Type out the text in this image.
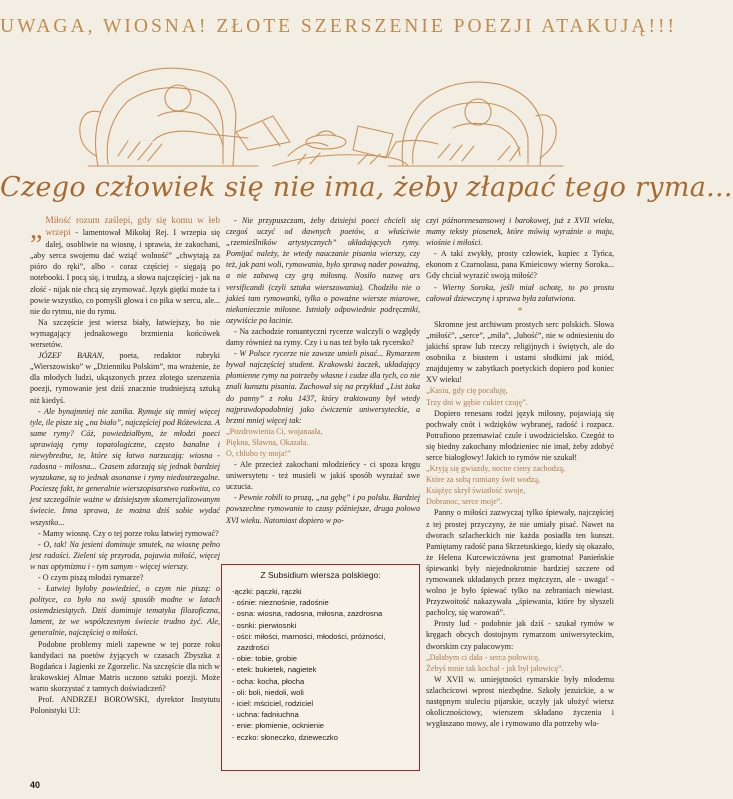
UWAGA, WIOSNA! ZŁOTE SZERSZENIE POEZJI ATAKUJĄ!!!
Czego człowiek się nie ima, żeby złapać tego ryma...

„ Miłość rozum zaślepi, gdy się komu w łeb wrzepi - lamentował Mikołaj Rej. I wrzepia się dalej, osobliwie na wiosnę, i sprawia, że zakochani, „aby serca swojemu dać wziąć wolność” „chwytają za pióro do ręki”, albo - coraz częściej - sięgają po notebooki. I pocą się, i trudzą, a słowa najczęściej - jak na złość - nijak nie chcą się zrymować. Język giętki może ta i powie wszystko, co pomyśli głowa i co pika w sercu, ale... nie do rytmu, nie do rymu.

Na szczęście jest wiersz biały, łatwiejszy, bo nie wymagający jednakowego brzmienia końcówek wersetów.

JÓZEF BARAN, poeta, redaktor rubryki „Wierszowisko” w „Dzienniku Polskim”, ma wrażenie, że dla młodych ludzi, ukąszonych przez złotego szerszenia poezji, rymowanie jest dziś znacznie trudniejszą sztuką niż kiedyś.

- Ale bynajmniej nie zanika. Rymuje się mniej więcej tyle, ile pisze się „na biało”, najczęściej pod Różewicza. A same rymy? Cóż, powiedziałbym, że młodzi poeci uprawiają rymy topatologiczne, często banalne i niewybredne, te, które się łatwo narzucają: wiosna - radosna - miłosna... Czasem zdarzają się jednak bardziej wyszukane, są to jednak asonanse i rymy niedostrzegalne. Pocieszę fakt, że generalnie wierszopisarstwo rozkwita, co jest szczególnie ważne w dzisiejszym skomercjalizowanym świecie. Inna sprawa, że można dziś sobie wydać wszystko...

- Mamy wiosnę. Czy o tej porze roku łatwiej rymować?

- O, tak! Na jesieni dominuje smutek, na wiosnę pełno jest radości. Zieleni się przyroda, pojawia miłość, więcej w nas optymizmu i - tym samym - więcej wierszy.

- O czym piszą młodzi rymarze?

- Łatwiej byłoby powiedzieć, o czym nie piszą: o polityce, co było na swój sposób modne w latach osiemdziesiątych. Dziś dominuje tematyka filozoficzna, lament, że we współczesnym świecie trudno żyć. Ale, generalnie, najczęściej o miłości.

Podobne problemy mieli zapewne w tej porze roku kandydaci na poetów żyjących w czasach Zbyszka z Bogdańca i Jagienki ze Zgorzelic. Na szczęście dla nich w krakowskiej Almae Matris uczono sztuki poezji. Może warto skorzystać z tamtych doświadczeń?

Prof. ANDRZEJ BOROWSKI, dyrektor Instytutu Polonistyki UJ:

- Nie przypuszczam, żeby dzisiejsi poeci chcieli się czegoś uczyć od dawnych poetów, a właściwie „rzemieślników artystycznych” układających rymy. Pomijać należy, że wtedy nauczanie pisania wierszy, czy też, jak pani woli, rymowania, było sprawą nader poważną, a nie zabawą czy grą miłosną. Nosiło nazwę ars versificandi (czyli sztuka wierszowania). Chodziło nie o jakieś tam rymowanki, tylko o poważne wiersze miarowe, niekoniecznie miłosne. Istniały odpowiednie podręczniki, ozywiście po łacinie.

- Na zachodzie romantyczni rycerze walczyli o względy damy również na rymy. Czy i u nas też było tak rycersko?

- W Polsce rycerze nie zawsze umieli pisać... Rymarzem bywał najczęściej student. Krakowski żaczek, układający płomienne rymy na potrzeby własne i cudze dla tych, co nie znali kunsztu pisania. Zachował się na przykład „List żaka do panny” z roku 1437, który traktowany był wtedy najprawdopodobniej jako ćwiczenie uniwersyteckie, a brzmi mniej więcej tak:

„Pozdrowienia Ci, wojanaała,

Piękna, Sławna, Okazała.

O, chlubo ty moja!”

- Ale przecież zakochani młodzieńcy - ci spoza kręgu uniwersytetu - też musieli w jakiś sposób wyrażać swe uczucia.

- Pewnie robili to prozą, „na gębę” i po polsku. Bardziej powszechne rymowanie to czasy późniejsze, druga połowa XVI wieku. Natomiast dopiero w po-

Z Subsidium wiersza polskiego:
-ączki: pączki, rączki
- ośnie: nieznośnie, radośnie
- osna: wiosna, radosna, miłosna, zazdrosna
- osnki: pierwiosnki
- ości: miłości, marności, młodości, próżności, zazdrości
- obie: tobie, grobie
- etek: bukietek, nagietek
- ocha: kocha, płocha
- oli: boli, niedoli, woli
- iciel: mściciel, rodziciel
- uchna: fadniuchna
- enie: płomienie, ocknienie
- eczko: słoneczko, dzieweczko

czyi późnorenesansowej i barokowej, już z XVII wieku, mamy teksty piosenek, które mówią wyraźnie o maju, wiośnie i miłości.

- A taki zwykły, prosty człowiek, kupiec z Tyńca, ekonom z Czarnolasu, pana Kmieicowy wierny Soroka... Gdy chciał wyrazić swoją miłość?

- Wierny Soroka, jeśli miał ochotę, to po prostu całował dziewczynę i sprawa była załatwiona.

*

Skromne jest archiwum prostych serc polskich. Słowa „miłość”, „serce”, „miła”, „lubość”, nie w odniesieniu do jakichś spraw lub rzeczy religijnych i świętych, ale do osobnika z biustem i ustami słodkimi jak miód, znajdujemy w zabytkach poetyckich dopiero pod koniec XV wieku!

„Kasiu, gdy cię pocałuję,

Trzy dni w gębie cukier czuję”.

Dopiero renesans rodzi język miłosny, pojawiają się pochwały cnót i wdzięków wybranej, radość i rozpacz. Potrafiono przemawiać czule i uwodzicielsko. Czegóż to się biedny zakochany młodzieniec nie imał, żeby zdobyć serce białogłowy! Jakich to rymów nie szukał!

„Kryją się gwiazdy, nocne cieny zachodzą,

Które za sobą rumiany świt wodzą,

Księżyc skrył światłość swoje,

Dobranoc, serce moje”.

Panny o miłości zazwyczaj tylko śpiewały, najczęściej z tej prostej przyczyny, że nie umiały pisać. Nawet na dworach szlacheckich nie każda posiadła ten kunszt. Pamiętamy radość pana Skrzetuskiego, kiedy się okazało, że Helena Kurcewiczówna jest gramotna! Panieńskie śpiewanki były niejednokrotnie bardziej szczere od rymowanek układanych przez mężczyzn, ale - uwaga! - wolno je było śpiewać tylko na zebraniach niewiast. Przyzwoitość nakazywała „śpiewania, które by słyszeli pacholcy, się warowań”.

Prosty lud - podobnie jak dziś - szukał rymów w kręgach obcych dostojnym rymarzom uniwersyteckim, dworskim czy pałacowym:

„Dałabym ci dała - serca połowicę,

Żebyś mnie tak kochał - jak był jałowicę”.

W XVII w. umiejętności rymarskie były młodemu szlachcicowi wprost niezbędne. Szkoły jezuickie, a w następnym stuleciu pijarskie, uczyły jak ułożyć wiersz okolicznościowy, wierszem składano życzenia i wygłaszano mowy, ale i rymowano dla potrzeby wła-

40
